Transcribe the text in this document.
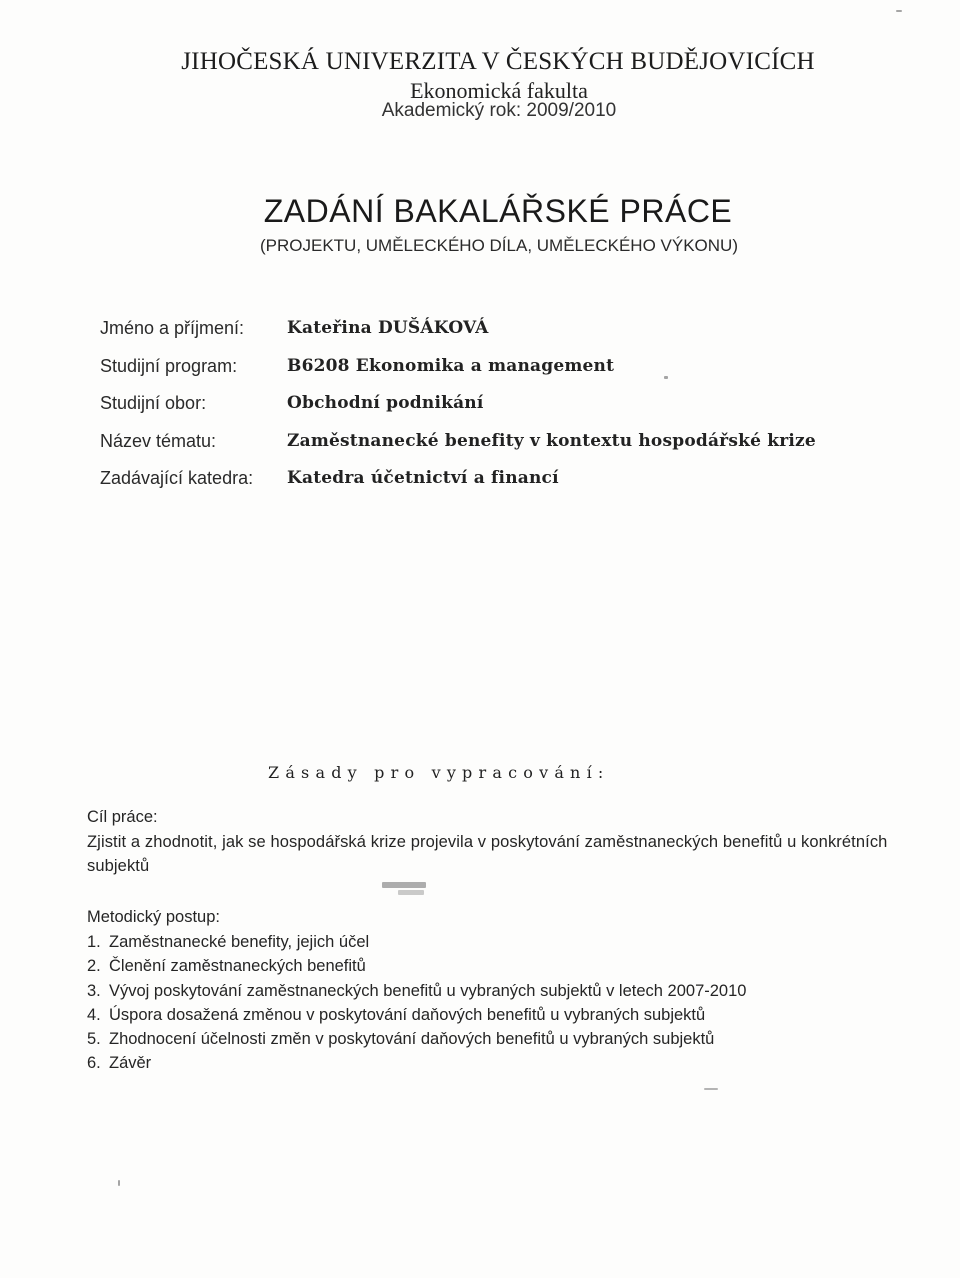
JIHOČESKÁ UNIVERZITA V ČESKÝCH BUDĚJOVICÍCH
Ekonomická fakulta
Akademický rok: 2009/2010
ZADÁNÍ BAKALÁŘSKÉ PRÁCE
(PROJEKTU, UMĚLECKÉHO DÍLA, UMĚLECKÉHO VÝKONU)
Jméno a příjmení:	Kateřina DUŠÁKOVÁ
Studijní program:	B6208 Ekonomika a management
Studijní obor:	Obchodní podnikání
Název tématu:	Zaměstnanecké benefity v kontextu hospodářské krize
Zadávající katedra:	Katedra účetnictví a financí
Zásady pro vypracování:
Cíl práce:
Zjistit a zhodnotit, jak se hospodářská krize projevila v poskytování zaměstnaneckých benefitů u konkrétních subjektů
Metodický postup:
1. Zaměstnanecké benefity, jejich účel
2. Členění zaměstnaneckých benefitů
3. Vývoj poskytování zaměstnaneckých benefitů u vybraných subjektů v letech 2007-2010
4. Úspora dosažená změnou v poskytování daňových benefitů u vybraných subjektů
5. Zhodnocení účelnosti změn v poskytování daňových benefitů u vybraných subjektů
6. Závěr
